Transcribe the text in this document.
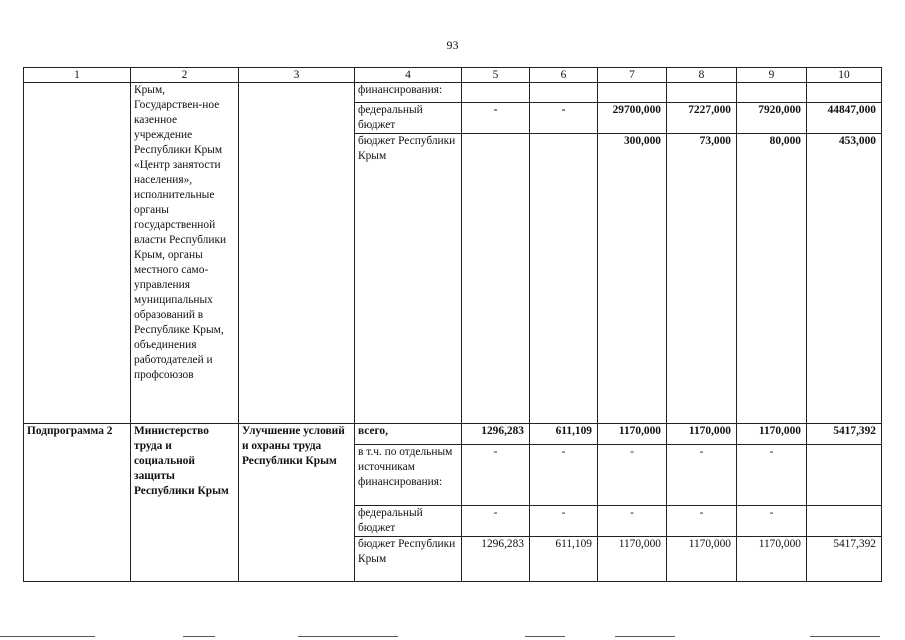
93
1	2	3	4	5	6	7	8	9	10
	Крым, Государствен-ное казенное учреждение Республики Крым «Центр занятости населения», исполнительные органы государственной власти Республики Крым, органы местного само-управления муниципальных образований в Республике Крым, объединения работодателей и профсоюзов		финансирования:						
			федеральный бюджет	-	-	29700,000	7227,000	7920,000	44847,000
			бюджет Республики Крым			300,000	73,000	80,000	453,000
Подпрограмма 2	Министерство труда и социальной защиты Республики Крым	Улучшение условий и охраны труда Республики Крым	всего,	1296,283	611,109	1170,000	1170,000	1170,000	5417,392
			в т.ч. по отдельным источникам финансирования:	-	-	-	-	-	
			федеральный бюджет	-	-	-	-	-	
			бюджет Республики Крым	1296,283	611,109	1170,000	1170,000	1170,000	5417,392
